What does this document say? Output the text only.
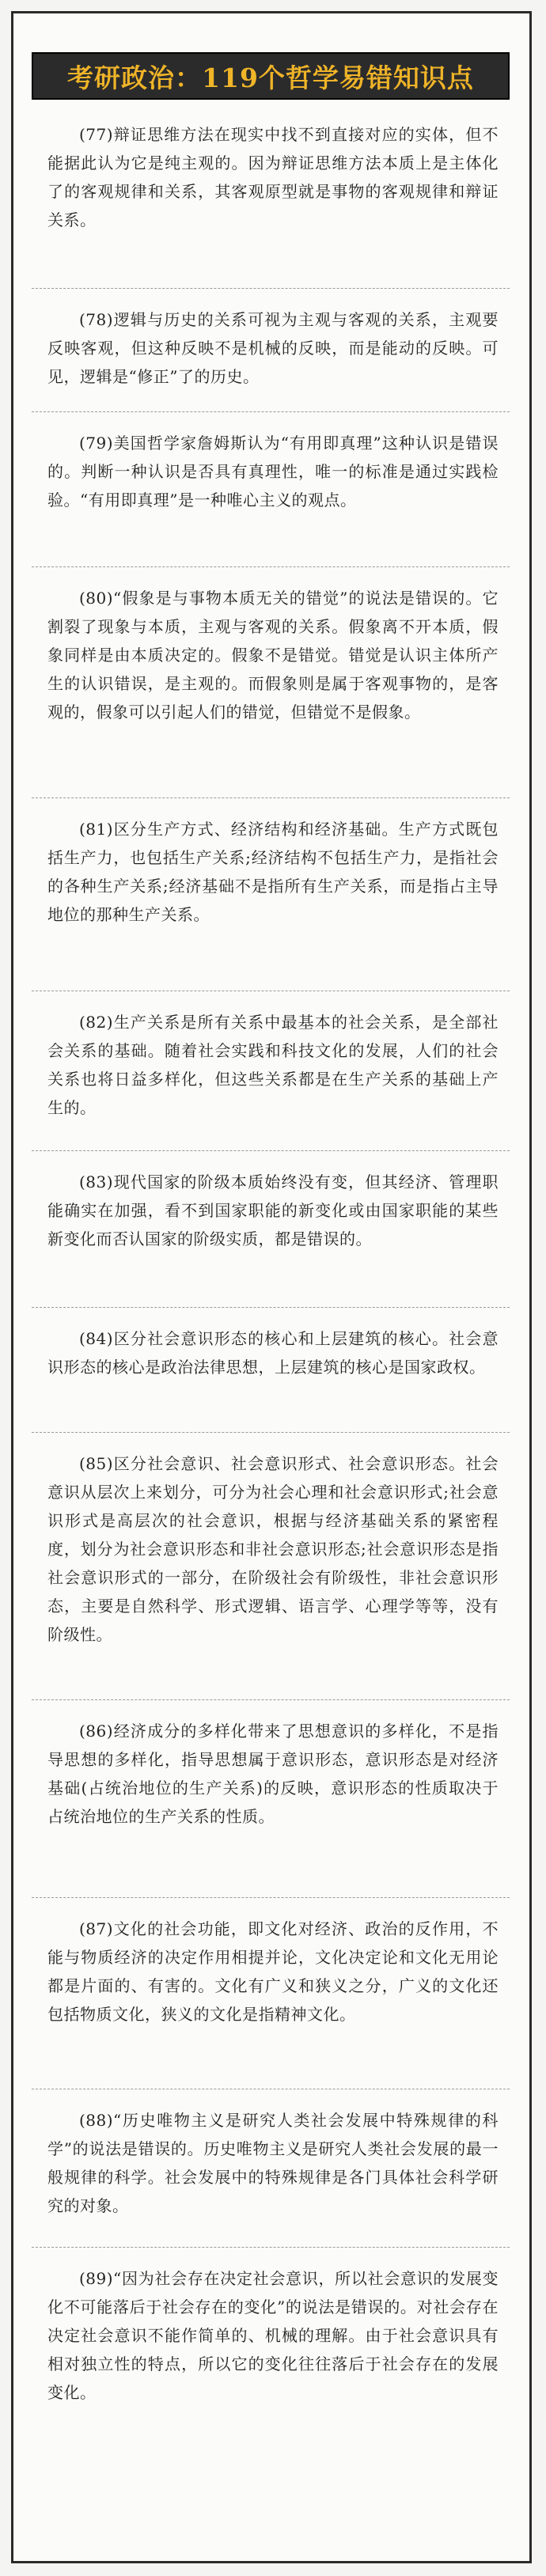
考研政治：119个哲学易错知识点

(77)辩证思维方法在现实中找不到直接对应的实体，但不能据此认为它是纯主观的。因为辩证思维方法本质上是主体化了的客观规律和关系，其客观原型就是事物的客观规律和辩证关系。

(78)逻辑与历史的关系可视为主观与客观的关系，主观要反映客观，但这种反映不是机械的反映，而是能动的反映。可见，逻辑是“修正”了的历史。

(79)美国哲学家詹姆斯认为“有用即真理”这种认识是错误的。判断一种认识是否具有真理性，唯一的标准是通过实践检验。“有用即真理”是一种唯心主义的观点。

(80)“假象是与事物本质无关的错觉”的说法是错误的。它割裂了现象与本质，主观与客观的关系。假象离不开本质，假象同样是由本质决定的。假象不是错觉。错觉是认识主体所产生的认识错误，是主观的。而假象则是属于客观事物的，是客观的，假象可以引起人们的错觉，但错觉不是假象。

(81)区分生产方式、经济结构和经济基础。生产方式既包括生产力，也包括生产关系;经济结构不包括生产力，是指社会的各种生产关系;经济基础不是指所有生产关系，而是指占主导地位的那种生产关系。

(82)生产关系是所有关系中最基本的社会关系，是全部社会关系的基础。随着社会实践和科技文化的发展，人们的社会关系也将日益多样化，但这些关系都是在生产关系的基础上产生的。

(83)现代国家的阶级本质始终没有变，但其经济、管理职能确实在加强，看不到国家职能的新变化或由国家职能的某些新变化而否认国家的阶级实质，都是错误的。

(84)区分社会意识形态的核心和上层建筑的核心。社会意识形态的核心是政治法律思想，上层建筑的核心是国家政权。

(85)区分社会意识、社会意识形式、社会意识形态。社会意识从层次上来划分，可分为社会心理和社会意识形式;社会意识形式是高层次的社会意识，根据与经济基础关系的紧密程度，划分为社会意识形态和非社会意识形态;社会意识形态是指社会意识形式的一部分，在阶级社会有阶级性，非社会意识形态，主要是自然科学、形式逻辑、语言学、心理学等等，没有阶级性。

(86)经济成分的多样化带来了思想意识的多样化，不是指导思想的多样化，指导思想属于意识形态，意识形态是对经济基础(占统治地位的生产关系)的反映，意识形态的性质取决于占统治地位的生产关系的性质。

(87)文化的社会功能，即文化对经济、政治的反作用，不能与物质经济的决定作用相提并论，文化决定论和文化无用论都是片面的、有害的。文化有广义和狭义之分，广义的文化还包括物质文化，狭义的文化是指精神文化。

(88)“历史唯物主义是研究人类社会发展中特殊规律的科学”的说法是错误的。历史唯物主义是研究人类社会发展的最一般规律的科学。社会发展中的特殊规律是各门具体社会科学研究的对象。

(89)“因为社会存在决定社会意识，所以社会意识的发展变化不可能落后于社会存在的变化”的说法是错误的。对社会存在决定社会意识不能作简单的、机械的理解。由于社会意识具有相对独立性的特点，所以它的变化往往落后于社会存在的发展变化。
